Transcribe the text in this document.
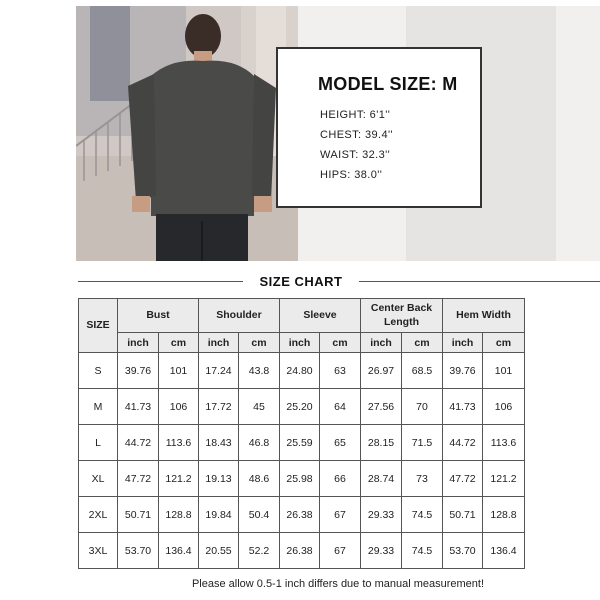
MODEL SIZE: M
HEIGHT: 6'1''
CHEST: 39.4''
WAIST: 32.3''
HIPS: 38.0''
SIZE CHART
SIZE	Bust		Shoulder		Sleeve		Center Back Length		Hem Width	
	inch	cm	inch	cm	inch	cm	inch	cm	inch	cm
S	39.76	101	17.24	43.8	24.80	63	26.97	68.5	39.76	101
M	41.73	106	17.72	45	25.20	64	27.56	70	41.73	106
L	44.72	113.6	18.43	46.8	25.59	65	28.15	71.5	44.72	113.6
XL	47.72	121.2	19.13	48.6	25.98	66	28.74	73	47.72	121.2
2XL	50.71	128.8	19.84	50.4	26.38	67	29.33	74.5	50.71	128.8
3XL	53.70	136.4	20.55	52.2	26.38	67	29.33	74.5	53.70	136.4
Please allow 0.5-1 inch differs due to manual measurement!
